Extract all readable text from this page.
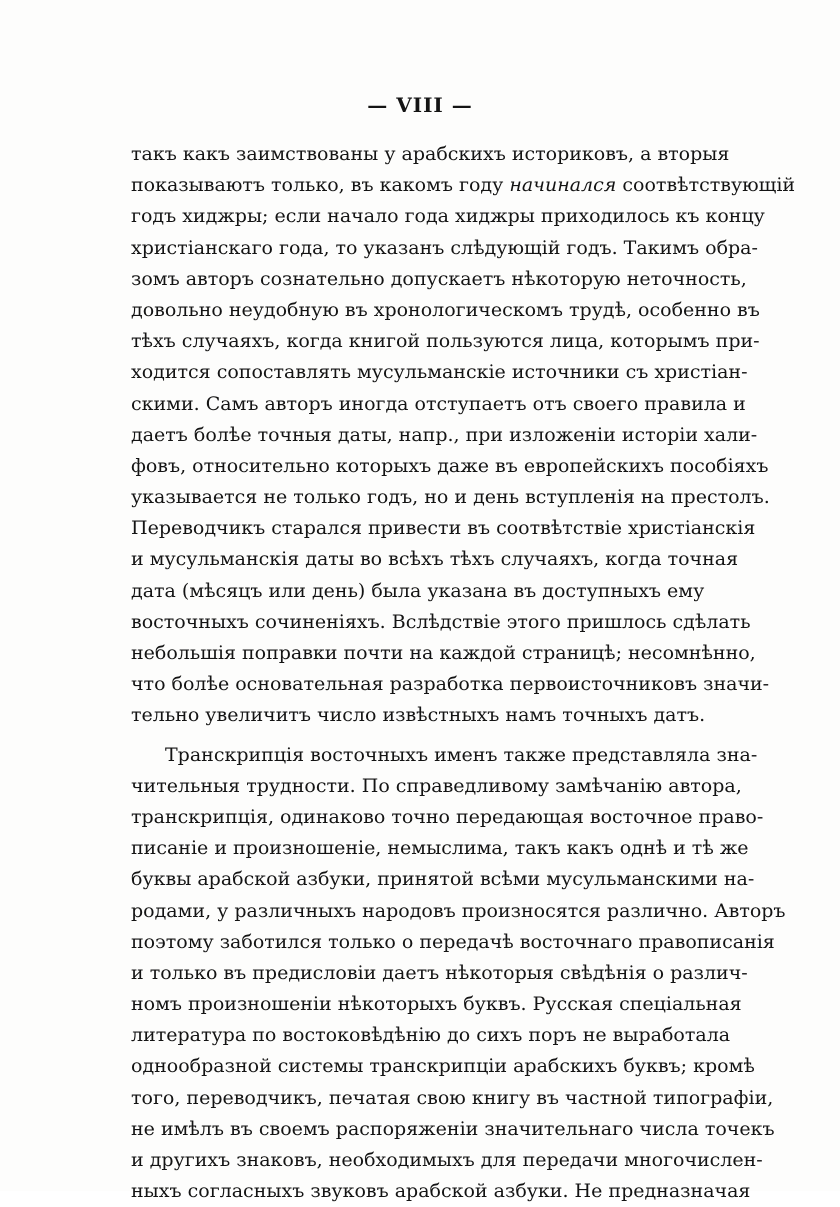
— VIII —
такъ какъ заимствованы у арабскихъ историковъ, а вторыя
показываютъ только, въ какомъ году начинался соотвѣтствующій
годъ хиджры; если начало года хиджры приходилось къ концу
христіанскаго года, то указанъ слѣдующій годъ. Такимъ обра-
зомъ авторъ сознательно допускаетъ нѣкоторую неточность,
довольно неудобную въ хронологическомъ трудѣ, особенно въ
тѣхъ случаяхъ, когда книгой пользуются лица, которымъ при-
ходится сопоставлять мусульманскіе источники съ христіан-
скими. Самъ авторъ иногда отступаетъ отъ своего правила и
даетъ болѣе точныя даты, напр., при изложеніи исторіи хали-
фовъ, относительно которыхъ даже въ европейскихъ пособіяхъ
указывается не только годъ, но и день вступленія на престолъ.
Переводчикъ старался привести въ соотвѣтствіе христіанскія
и мусульманскія даты во всѣхъ тѣхъ случаяхъ, когда точная
дата (мѣсяцъ или день) была указана въ доступныхъ ему
восточныхъ сочиненіяхъ. Вслѣдствіе этого пришлось сдѣлать
небольшія поправки почти на каждой страницѣ; несомнѣнно,
что болѣе основательная разработка первоисточниковъ значи-
тельно увеличитъ число извѣстныхъ намъ точныхъ датъ.
Транскрипція восточныхъ именъ также представляла зна-
чительныя трудности. По справедливому замѣчанію автора,
транскрипція, одинаково точно передающая восточное право-
писаніе и произношеніе, немыслима, такъ какъ однѣ и тѣ же
буквы арабской азбуки, принятой всѣми мусульманскими на-
родами, у различныхъ народовъ произносятся различно. Авторъ
поэтому заботился только о передачѣ восточнаго правописанія
и только въ предисловіи даетъ нѣкоторыя свѣдѣнія о различ-
номъ произношеніи нѣкоторыхъ буквъ. Русская спеціальная
литература по востоковѣдѣнію до сихъ поръ не выработала
однообразной системы транскрипціи арабскихъ буквъ; кромѣ
того, переводчикъ, печатая свою книгу въ частной типографіи,
не имѣлъ въ своемъ распоряженіи значительнаго числа точекъ
и другихъ знаковъ, необходимыхъ для передачи многочислен-
ныхъ согласныхъ звуковъ арабской азбуки. Не предназначая
